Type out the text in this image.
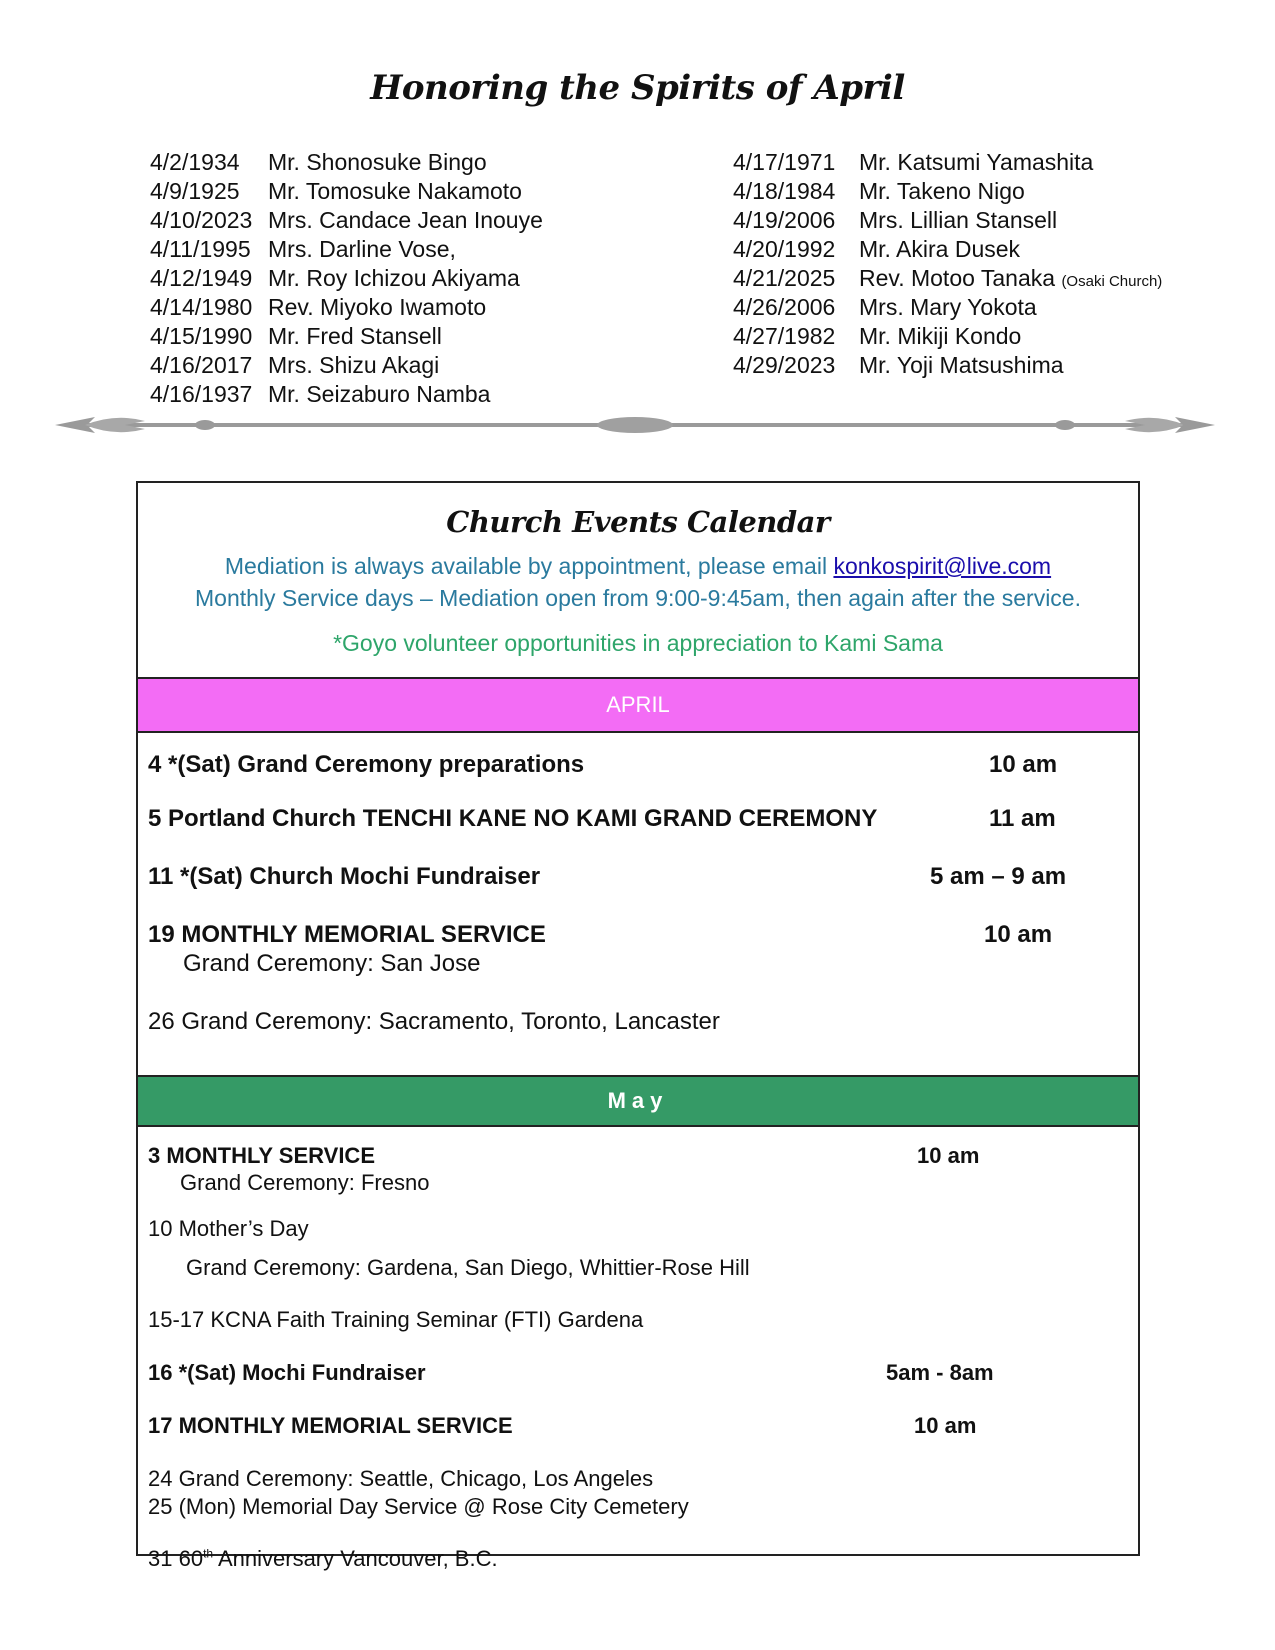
Honoring the Spirits of April
4/2/1934 Mr. Shonosuke Bingo
4/9/1925 Mr. Tomosuke Nakamoto
4/10/2023 Mrs. Candace Jean Inouye
4/11/1995 Mrs. Darline Vose,
4/12/1949 Mr. Roy Ichizou Akiyama
4/14/1980 Rev. Miyoko Iwamoto
4/15/1990 Mr. Fred Stansell
4/16/2017 Mrs. Shizu Akagi
4/16/1937 Mr. Seizaburo Namba
4/17/1971 Mr. Katsumi Yamashita
4/18/1984 Mr. Takeno Nigo
4/19/2006 Mrs. Lillian Stansell
4/20/1992 Mr. Akira Dusek
4/21/2025 Rev. Motoo Tanaka (Osaki Church)
4/26/2006 Mrs. Mary Yokota
4/27/1982 Mr. Mikiji Kondo
4/29/2023 Mr. Yoji Matsushima
Church Events Calendar
Mediation is always available by appointment, please email konkospirit@live.com
Monthly Service days – Mediation open from 9:00-9:45am, then again after the service.
*Goyo volunteer opportunities in appreciation to Kami Sama
APRIL
4 *(Sat) Grand Ceremony preparations	10 am
5 Portland Church TENCHI KANE NO KAMI GRAND CEREMONY	11 am
11 *(Sat) Church Mochi Fundraiser	5 am – 9 am
19 MONTHLY MEMORIAL SERVICE	10 am
Grand Ceremony: San Jose
26 Grand Ceremony: Sacramento, Toronto, Lancaster
May
3 MONTHLY SERVICE	10 am
Grand Ceremony: Fresno
10 Mother’s Day
Grand Ceremony: Gardena, San Diego, Whittier-Rose Hill
15-17 KCNA Faith Training Seminar (FTI) Gardena
16 *(Sat) Mochi Fundraiser	5am - 8am
17 MONTHLY MEMORIAL SERVICE	10 am
24 Grand Ceremony: Seattle, Chicago, Los Angeles
25 (Mon) Memorial Day Service @ Rose City Cemetery
31 60th Anniversary Vancouver, B.C.
